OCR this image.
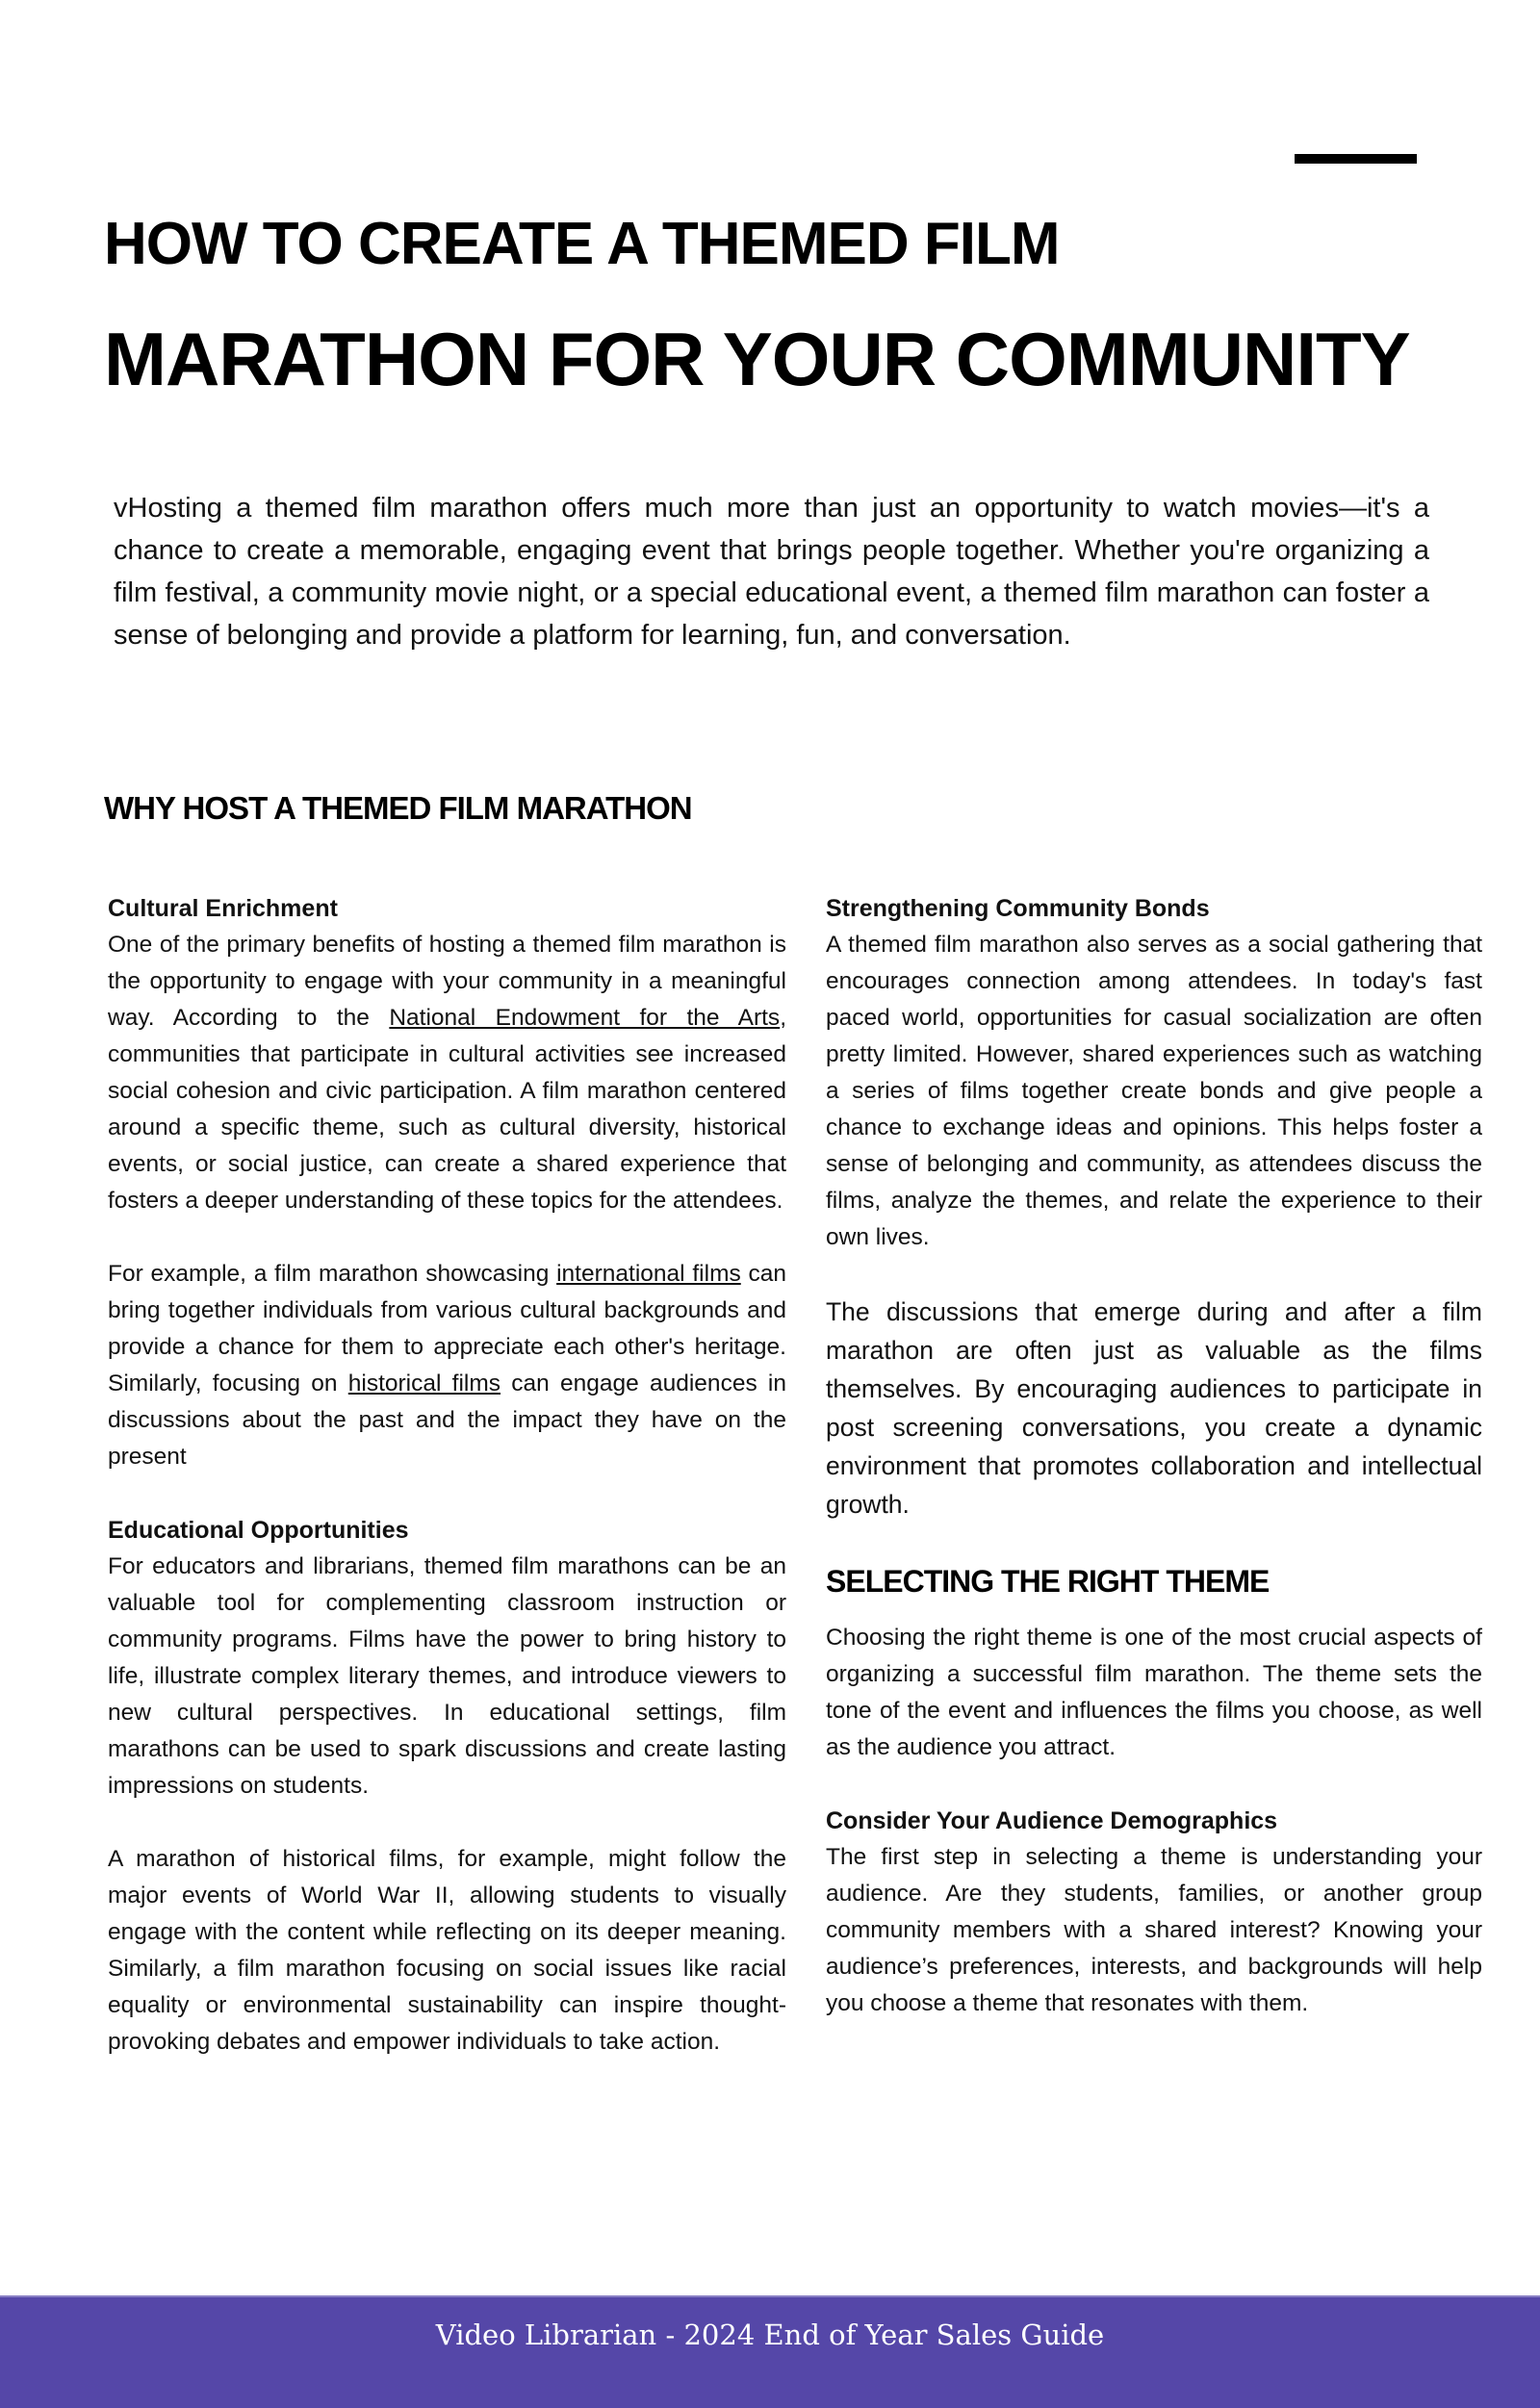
HOW TO CREATE A THEMED FILM
MARATHON FOR YOUR COMMUNITY
vHosting a themed film marathon offers much more than just an opportunity to watch movies—it's a chance to create a memorable, engaging event that brings people together. Whether you're organizing a film festival, a community movie night, or a special educational event, a themed film marathon can foster a sense of belonging and provide a platform for learning, fun, and conversation.
WHY HOST A THEMED FILM MARATHON
Cultural Enrichment

One of the primary benefits of hosting a themed film marathon is the opportunity to engage with your community in a meaningful way. According to the National Endowment for the Arts, communities that participate in cultural activities see increased social cohesion and civic participation. A film marathon centered around a specific theme, such as cultural diversity, historical events, or social justice, can create a shared experience that fosters a deeper understanding of these topics for the attendees.

For example, a film marathon showcasing international films can bring together individuals from various cultural backgrounds and provide a chance for them to appreciate each other's heritage. Similarly, focusing on historical films can engage audiences in discussions about the past and the impact they have on the present

Educational Opportunities

For educators and librarians, themed film marathons can be an valuable tool for complementing classroom instruction or community programs. Films have the power to bring history to life, illustrate complex literary themes, and introduce viewers to new cultural perspectives. In educational settings, film marathons can be used to spark discussions and create lasting impressions on students.

A marathon of historical films, for example, might follow the major events of World War II, allowing students to visually engage with the content while reflecting on its deeper meaning. Similarly, a film marathon focusing on social issues like racial equality or environmental sustainability can inspire thought-provoking debates and empower individuals to take action.

Strengthening Community Bonds

A themed film marathon also serves as a social gathering that encourages connection among attendees. In today's fast paced world, opportunities for casual socialization are often pretty limited. However, shared experiences such as watching a series of films together create bonds and give people a chance to exchange ideas and opinions. This helps foster a sense of belonging and community, as attendees discuss the films, analyze the themes, and relate the experience to their own lives.

The discussions that emerge during and after a film marathon are often just as valuable as the films themselves. By encouraging audiences to participate in post screening conversations, you create a dynamic environment that promotes collaboration and intellectual growth.

SELECTING THE RIGHT THEME

Choosing the right theme is one of the most crucial aspects of organizing a successful film marathon. The theme sets the tone of the event and influences the films you choose, as well as the audience you attract.

Consider Your Audience Demographics

The first step in selecting a theme is understanding your audience. Are they students, families, or another group community members with a shared interest? Knowing your audience’s preferences, interests, and backgrounds will help you choose a theme that resonates with them.

Video Librarian - 2024 End of Year Sales Guide
